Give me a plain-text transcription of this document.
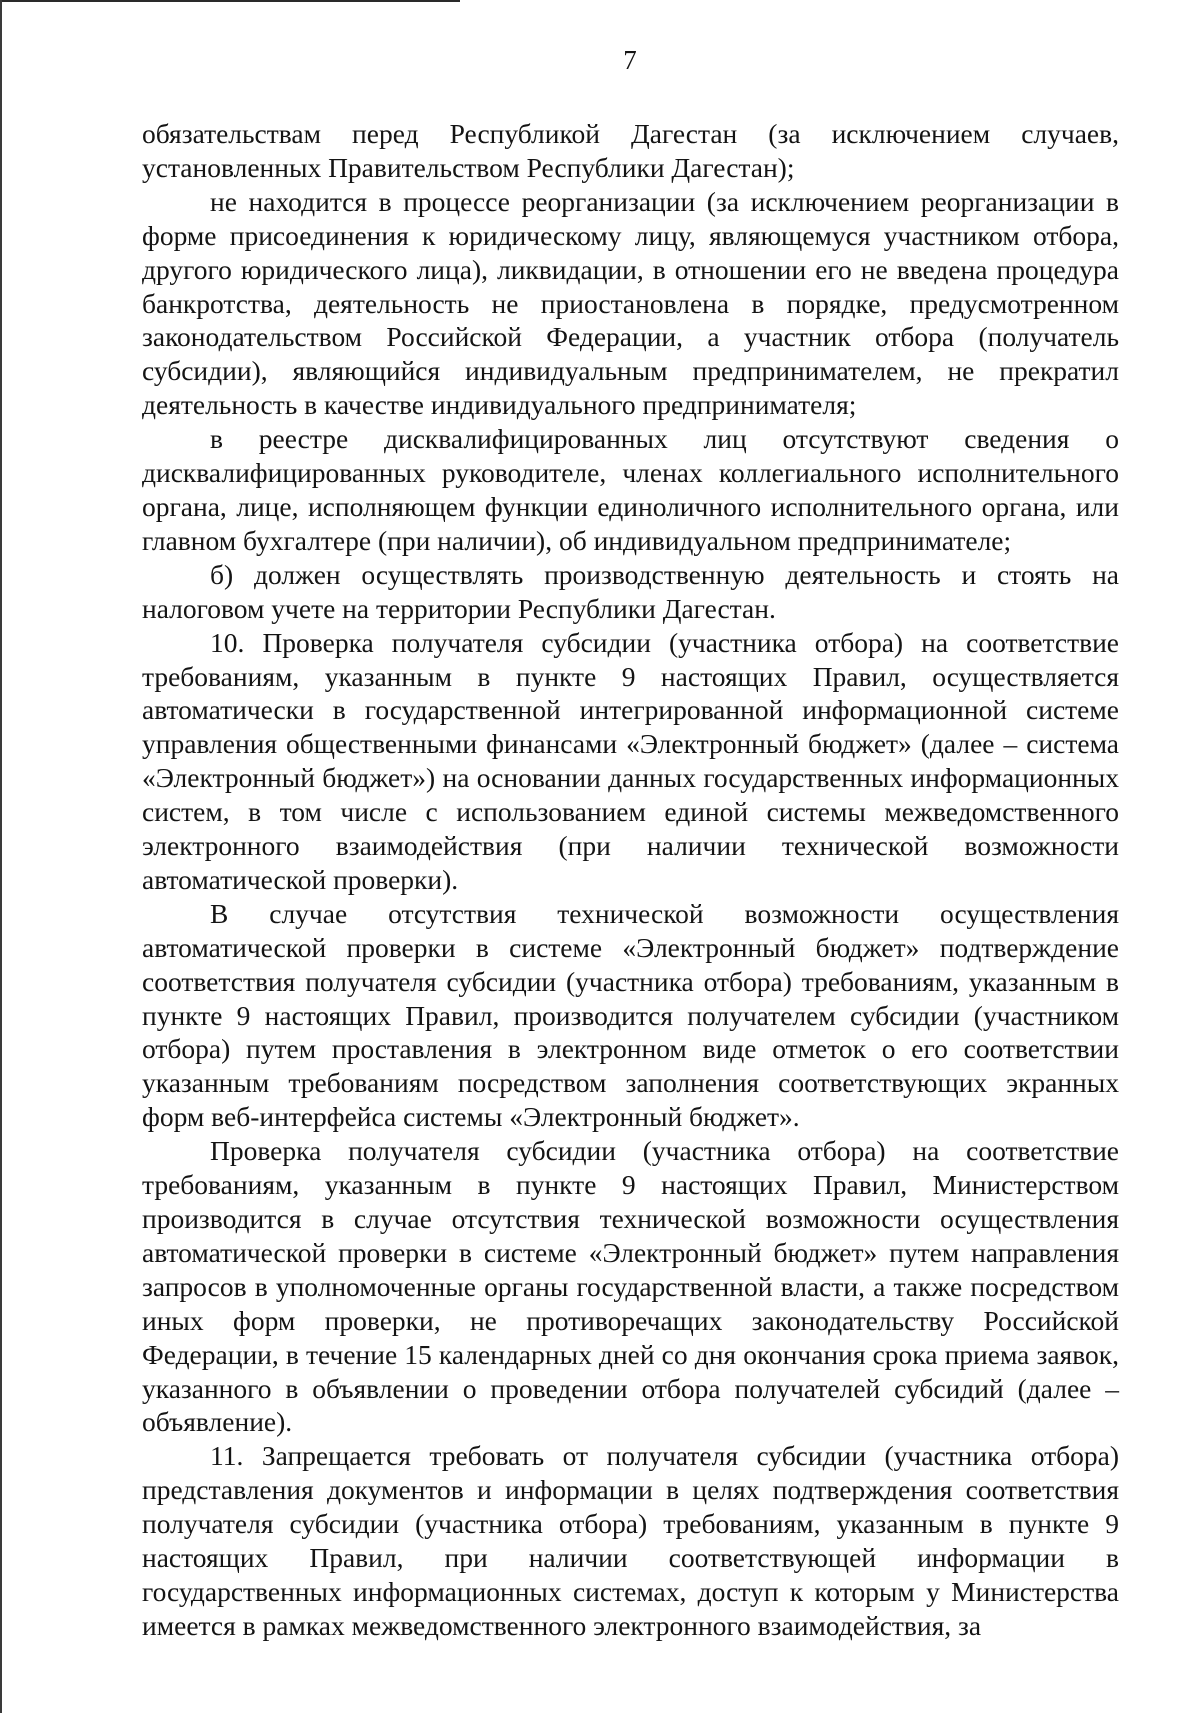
7

обязательствам перед Республикой Дагестан (за исключением случаев, установленных Правительством Республики Дагестан);

не находится в процессе реорганизации (за исключением реорганизации в форме присоединения к юридическому лицу, являющемуся участником отбора, другого юридического лица), ликвидации, в отношении его не введена процедура банкротства, деятельность не приостановлена в порядке, предусмотренном законодательством Российской Федерации, а участник отбора (получатель субсидии), являющийся индивидуальным предпринимателем, не прекратил деятельность в качестве индивидуального предпринимателя;

в реестре дисквалифицированных лиц отсутствуют сведения о дисквалифицированных руководителе, членах коллегиального исполнительного органа, лице, исполняющем функции единоличного исполнительного органа, или главном бухгалтере (при наличии), об индивидуальном предпринимателе;

б) должен осуществлять производственную деятельность и стоять на налоговом учете на территории Республики Дагестан.

10. Проверка получателя субсидии (участника отбора) на соответствие требованиям, указанным в пункте 9 настоящих Правил, осуществляется автоматически в государственной интегрированной информационной системе управления общественными финансами «Электронный бюджет» (далее – система «Электронный бюджет») на основании данных государственных информационных систем, в том числе с использованием единой системы межведомственного электронного взаимодействия (при наличии технической возможности автоматической проверки).

В случае отсутствия технической возможности осуществления автоматической проверки в системе «Электронный бюджет» подтверждение соответствия получателя субсидии (участника отбора) требованиям, указанным в пункте 9 настоящих Правил, производится получателем субсидии (участником отбора) путем проставления в электронном виде отметок о его соответствии указанным требованиям посредством заполнения соответствующих экранных форм веб-интерфейса системы «Электронный бюджет».

Проверка получателя субсидии (участника отбора) на соответствие требованиям, указанным в пункте 9 настоящих Правил, Министерством производится в случае отсутствия технической возможности осуществления автоматической проверки в системе «Электронный бюджет» путем направления запросов в уполномоченные органы государственной власти, а также посредством иных форм проверки, не противоречащих законодательству Российской Федерации, в течение 15 календарных дней со дня окончания срока приема заявок, указанного в объявлении о проведении отбора получателей субсидий (далее – объявление).

11. Запрещается требовать от получателя субсидии (участника отбора) представления документов и информации в целях подтверждения соответствия получателя субсидии (участника отбора) требованиям, указанным в пункте 9 настоящих Правил, при наличии соответствующей информации в государственных информационных системах, доступ к которым у Министерства имеется в рамках межведомственного электронного взаимодействия, за
